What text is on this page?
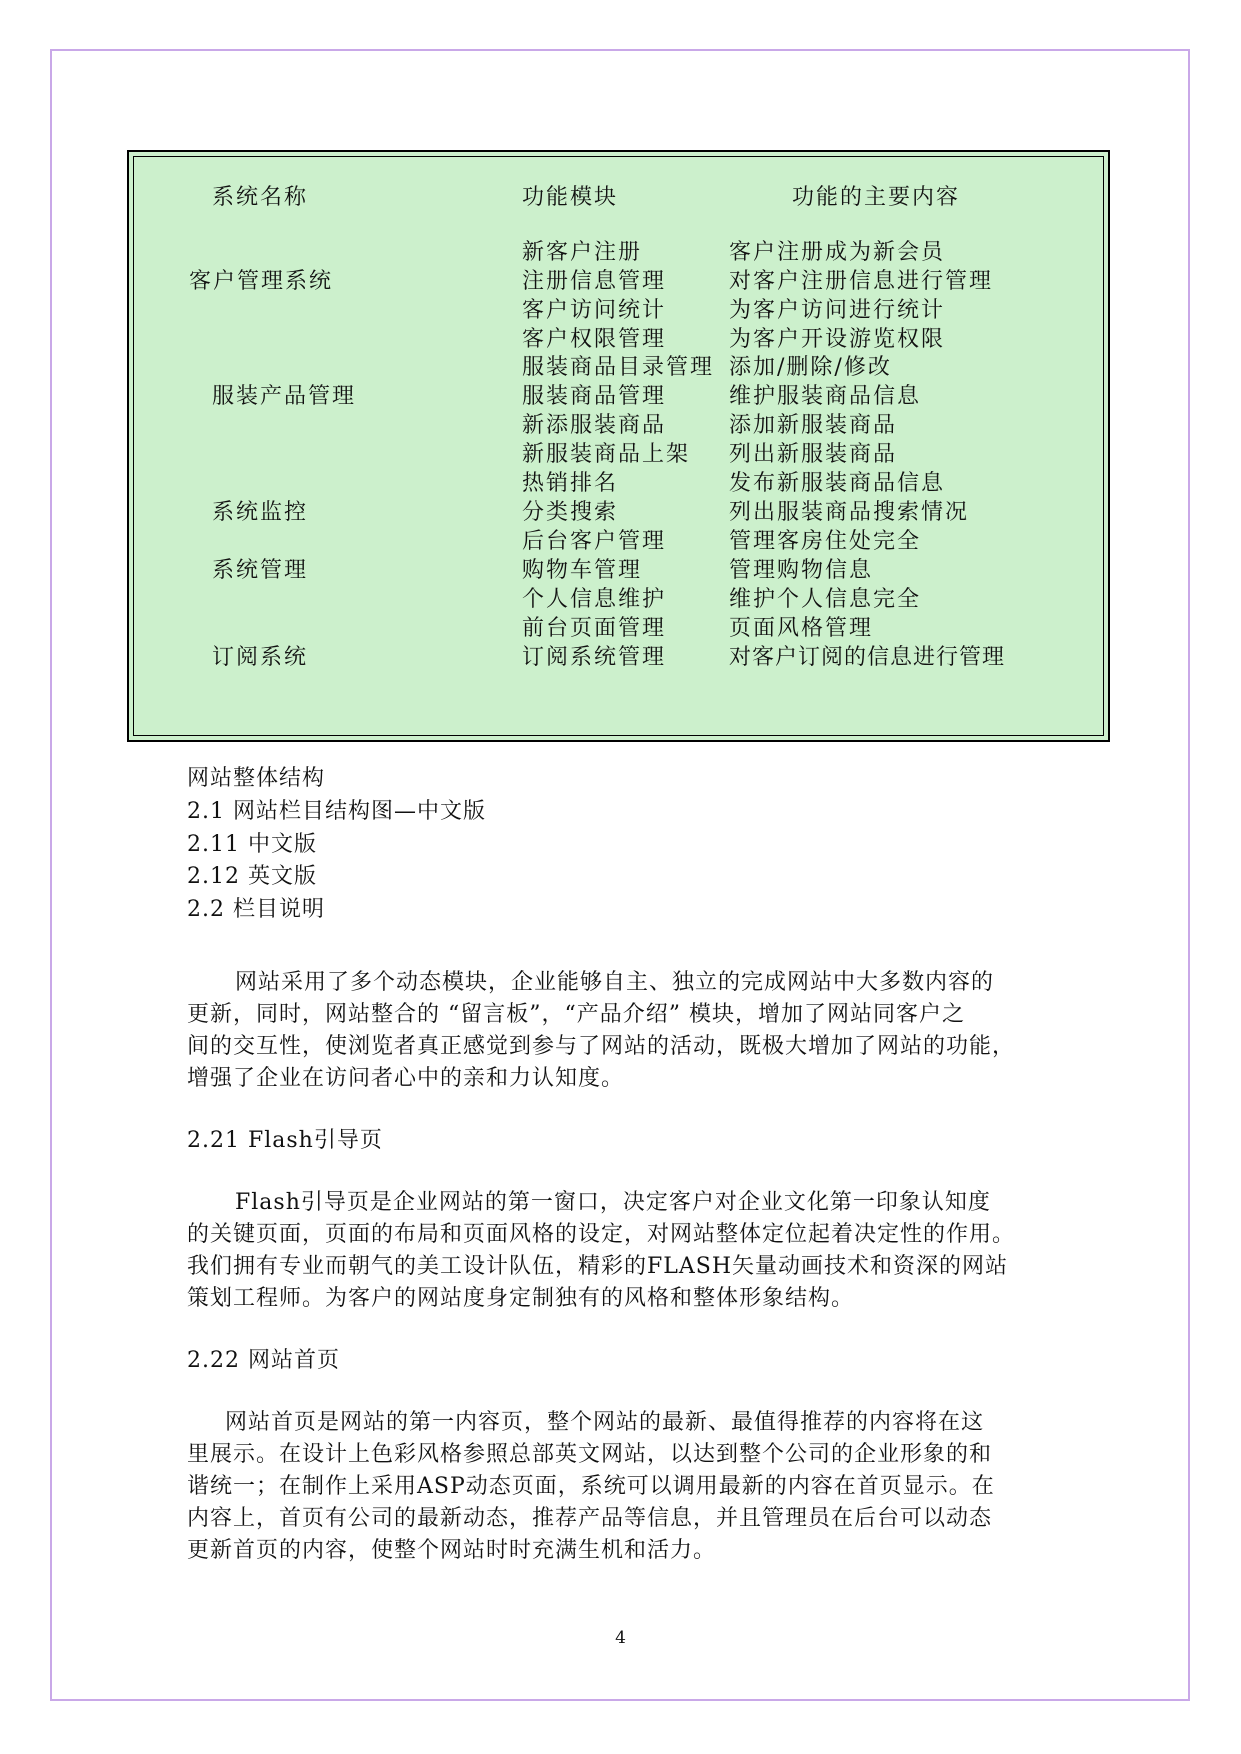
系统名称	功能模块	功能的主要内容
客户管理系统
服装产品管理
系统监控
系统管理
订阅系统
新客户注册
注册信息管理
客户访问统计
客户权限管理
服装商品目录管理
服装商品管理
新添服装商品
新服装商品上架
热销排名
分类搜索
后台客户管理
购物车管理
个人信息维护
前台页面管理
订阅系统管理
客户注册成为新会员
对客户注册信息进行管理
为客户访问进行统计
为客户开设游览权限
添加/删除/修改
维护服装商品信息
添加新服装商品
列出新服装商品
发布新服装商品信息
列出服装商品搜索情况
管理客房住处完全
管理购物信息
维护个人信息完全
页面风格管理
对客户订阅的信息进行管理
网站整体结构
2.1 网站栏目结构图—中文版
2.11 中文版
2.12 英文版
2.2 栏目说明
网站采用了多个动态模块，企业能够自主、独立的完成网站中大多数内容的
更新，同时，网站整合的 “留言板”，“产品介绍” 模块，增加了网站同客户之
间的交互性，使浏览者真正感觉到参与了网站的活动，既极大增加了网站的功能，
增强了企业在访问者心中的亲和力认知度。
2.21 Flash引导页
Flash引导页是企业网站的第一窗口，决定客户对企业文化第一印象认知度
的关键页面，页面的布局和页面风格的设定，对网站整体定位起着决定性的作用。
我们拥有专业而朝气的美工设计队伍，精彩的FLASH矢量动画技术和资深的网站
策划工程师。为客户的网站度身定制独有的风格和整体形象结构。
2.22 网站首页
网站首页是网站的第一内容页，整个网站的最新、最值得推荐的内容将在这
里展示。在设计上色彩风格参照总部英文网站，以达到整个公司的企业形象的和
谐统一；在制作上采用ASP动态页面，系统可以调用最新的内容在首页显示。在
内容上，首页有公司的最新动态，推荐产品等信息，并且管理员在后台可以动态
更新首页的内容，使整个网站时时充满生机和活力。
4
